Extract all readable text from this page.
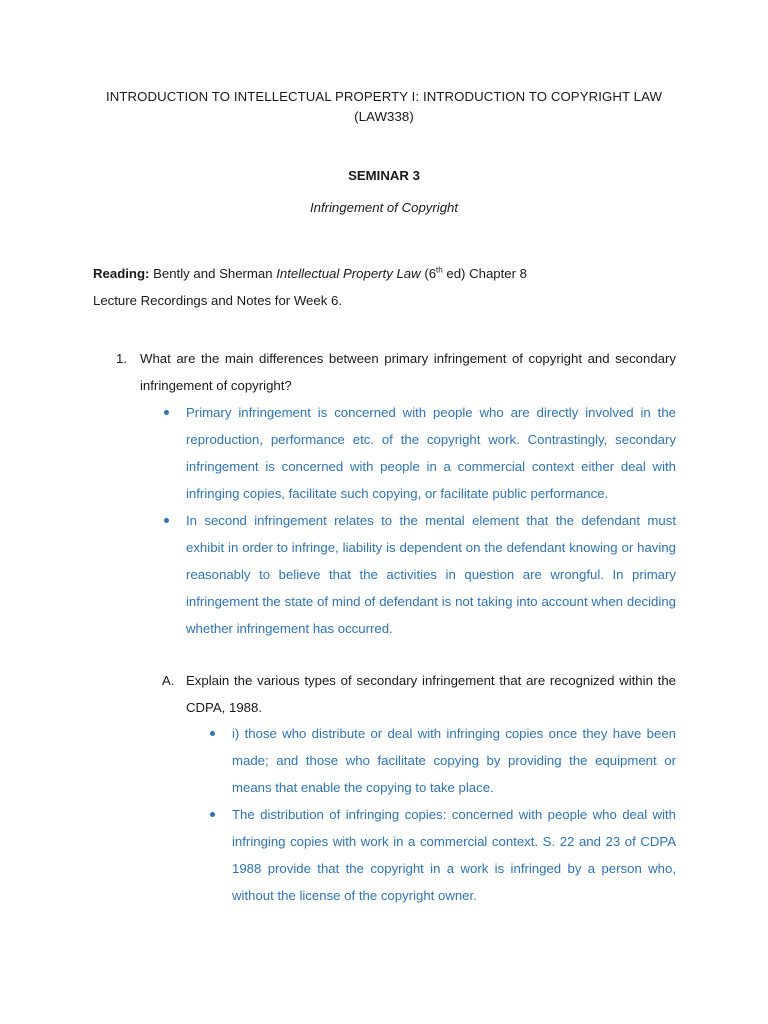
INTRODUCTION TO INTELLECTUAL PROPERTY I: INTRODUCTION TO COPYRIGHT LAW
(LAW338)
SEMINAR 3
Infringement of Copyright
Reading: Bently and Sherman Intellectual Property Law (6th ed) Chapter 8
Lecture Recordings and Notes for Week 6.
1. What are the main differences between primary infringement of copyright and secondary infringement of copyright?
Primary infringement is concerned with people who are directly involved in the reproduction, performance etc. of the copyright work. Contrastingly, secondary infringement is concerned with people in a commercial context either deal with infringing copies, facilitate such copying, or facilitate public performance.
In second infringement relates to the mental element that the defendant must exhibit in order to infringe, liability is dependent on the defendant knowing or having reasonably to believe that the activities in question are wrongful. In primary infringement the state of mind of defendant is not taking into account when deciding whether infringement has occurred.
A. Explain the various types of secondary infringement that are recognized within the CDPA, 1988.
i) those who distribute or deal with infringing copies once they have been made; and those who facilitate copying by providing the equipment or means that enable the copying to take place.
The distribution of infringing copies: concerned with people who deal with infringing copies with work in a commercial context. S. 22 and 23 of CDPA 1988 provide that the copyright in a work is infringed by a person who, without the license of the copyright owner.
